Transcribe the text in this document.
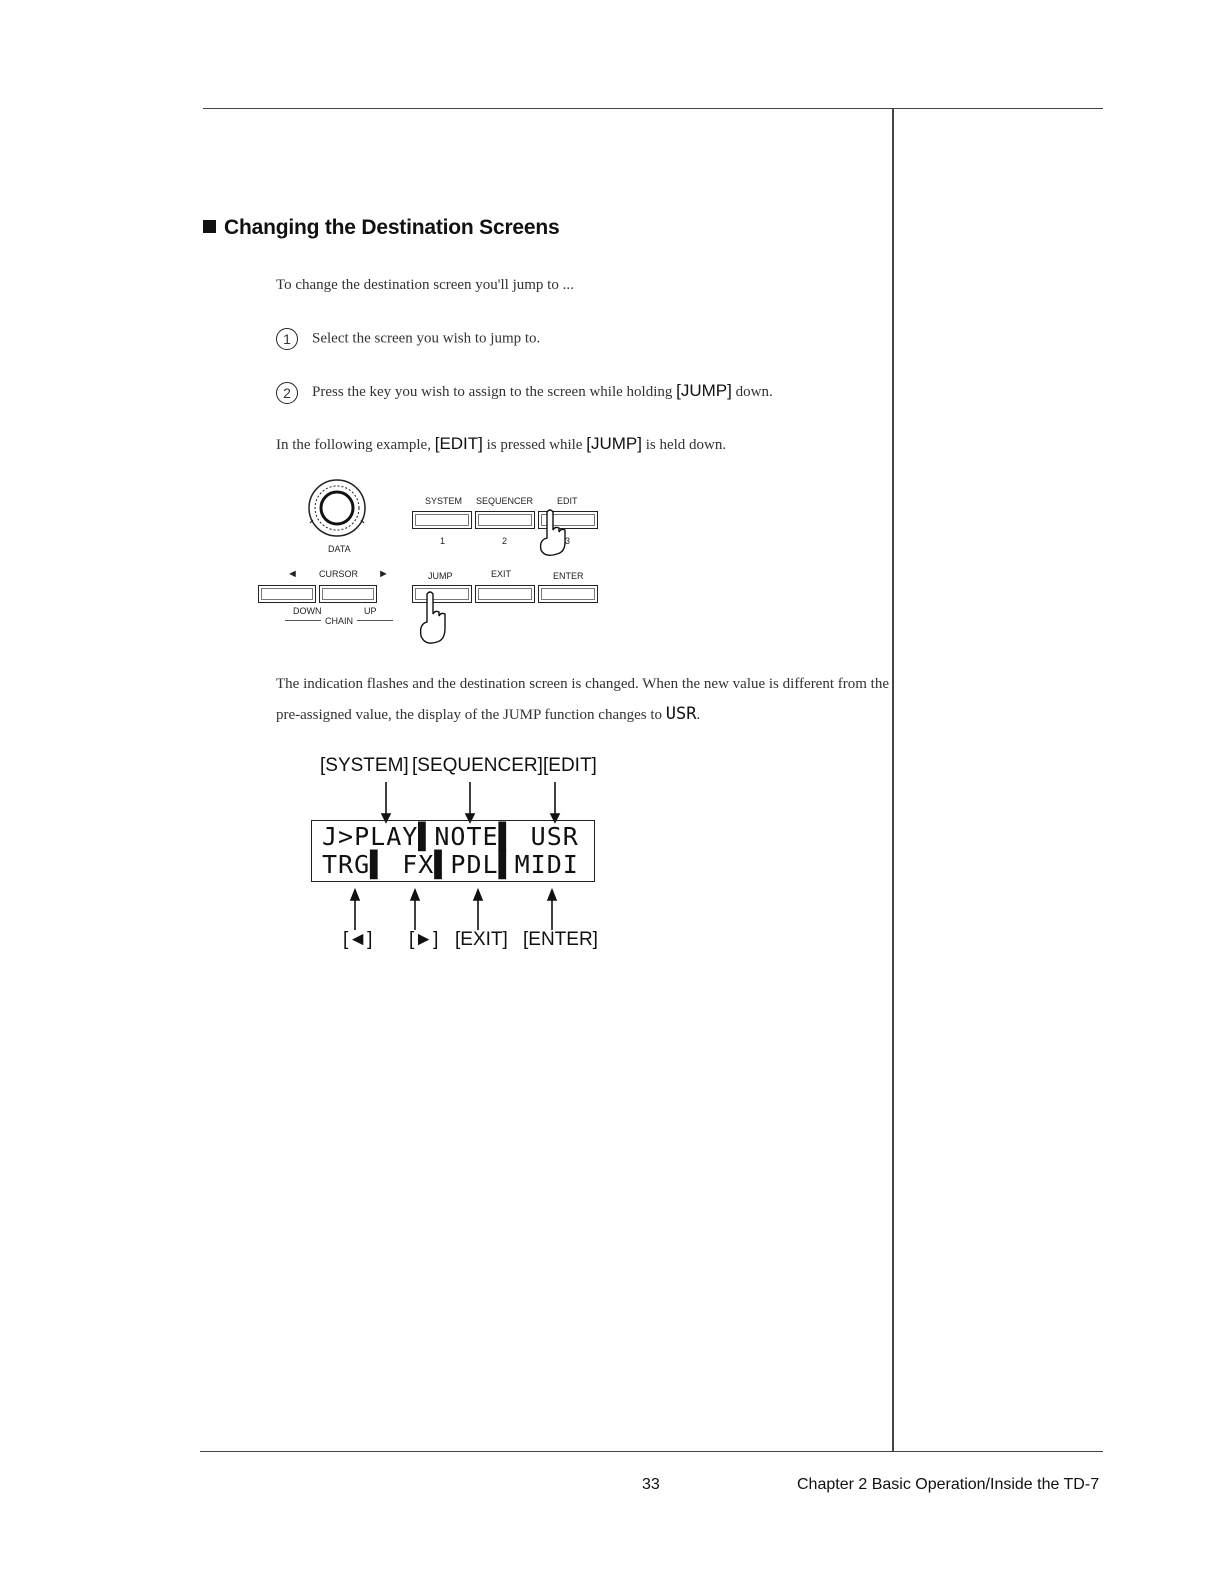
Changing the Destination Screens
To change the destination screen you'll jump to ...
1 Select the screen you wish to jump to.
2 Press the key you wish to assign to the screen while holding [JUMP] down.
In the following example, [EDIT] is pressed while [JUMP] is held down.
DATA
SYSTEM SEQUENCER	EDIT
1	2	3
◄ CURSOR ►	JUMP	EXIT	ENTER
DOWN	UP
CHAIN
The indication flashes and the destination screen is changed. When the new value is different from the
pre-assigned value, the display of the JUMP function changes to USR.
[SYSTEM] [SEQUENCER] [EDIT]
J>PLAY▌NOTE▌ USR
TRG▌ FX▌PDL▌MIDI
[◄] [►] [EXIT] [ENTER]
33	Chapter 2 Basic Operation/Inside the TD-7
